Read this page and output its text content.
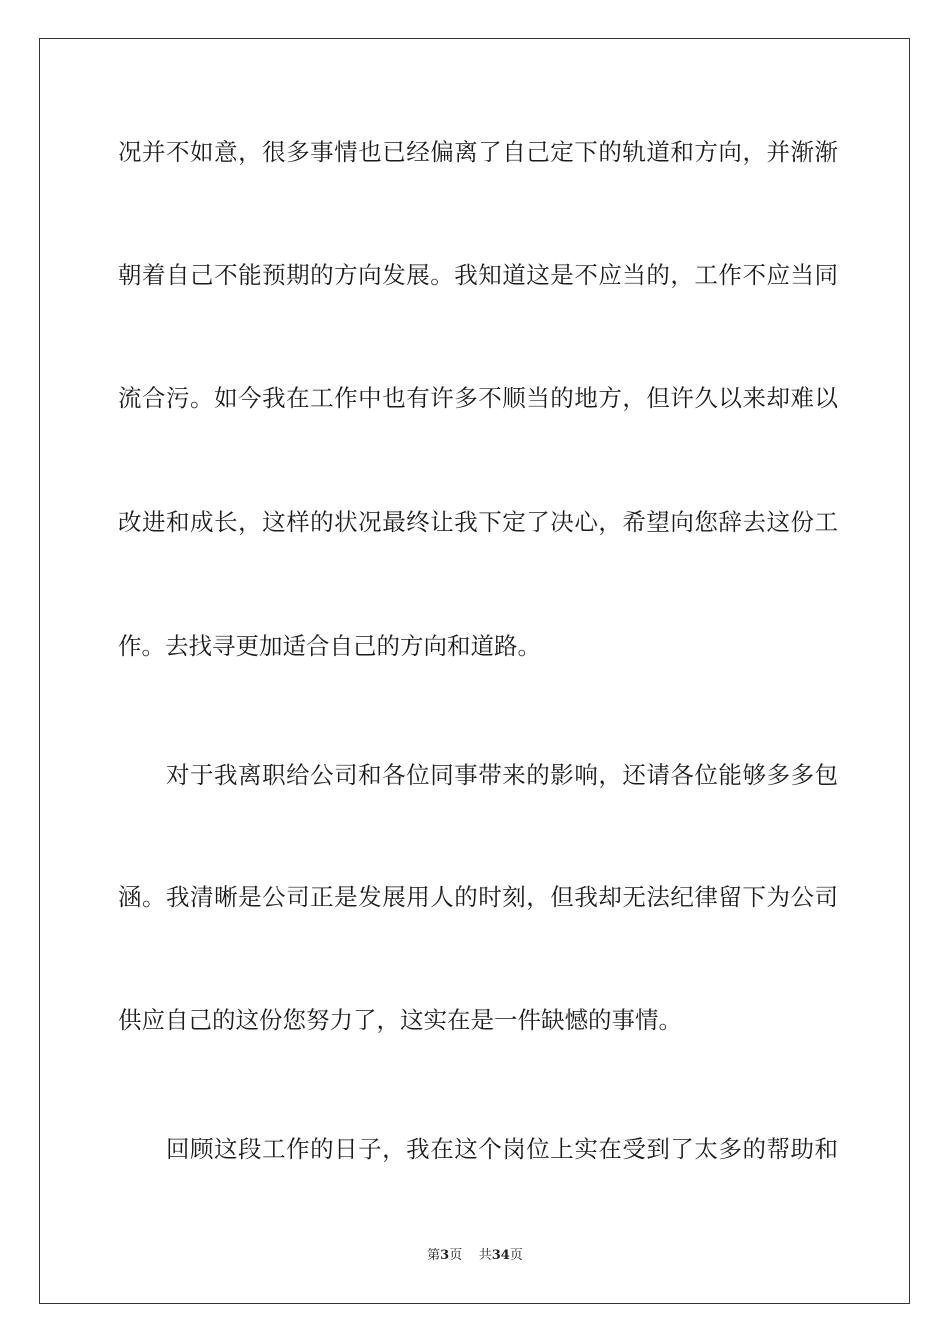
况并不如意，很多事情也已经偏离了自己定下的轨道和方向，并渐渐
朝着自己不能预期的方向发展。我知道这是不应当的，工作不应当同
流合污。如今我在工作中也有许多不顺当的地方，但许久以来却难以
改进和成长，这样的状况最终让我下定了决心，希望向您辞去这份工
作。去找寻更加适合自己的方向和道路。
对于我离职给公司和各位同事带来的影响，还请各位能够多多包
涵。我清晰是公司正是发展用人的时刻，但我却无法纪律留下为公司
供应自己的这份您努力了，这实在是一件缺憾的事情。
回顾这段工作的日子，我在这个岗位上实在受到了太多的帮助和
第3页 共34页
